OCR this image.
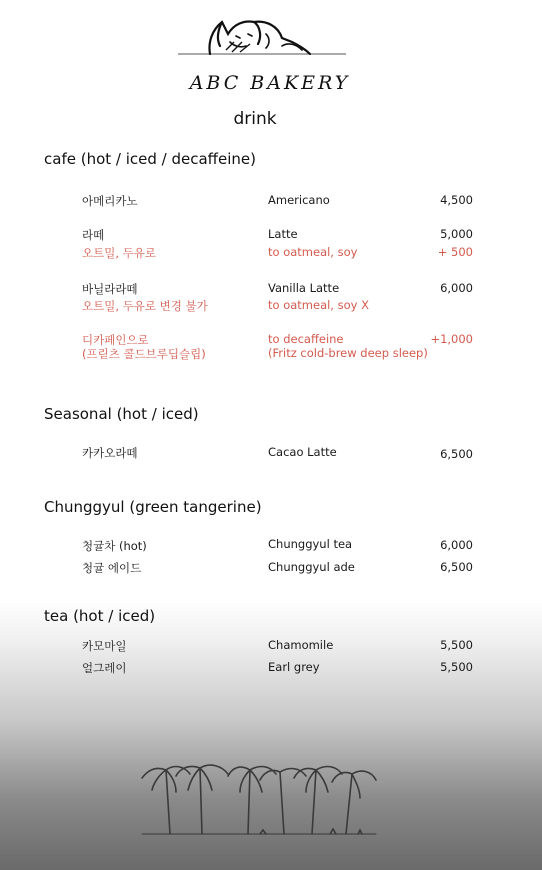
ABC BAKERY
drink
cafe (hot / iced / decaffeine)
아메리카노	Americano	4,500
라떼	Latte	5,000
오트밀, 두유로	to oatmeal, soy	+ 500
바닐라라떼	Vanilla Latte	6,000
오트밀, 두유로 변경 불가	to oatmeal, soy X
디카페인으로	to decaffeine	+1,000
(프릳츠 콜드브루딥슬립)	(Fritz cold-brew deep sleep)
Seasonal (hot / iced)
카카오라떼	Cacao Latte	6,500
Chunggyul (green tangerine)
청귤차 (hot)	Chunggyul tea	6,000
청귤 에이드	Chunggyul ade	6,500
tea (hot / iced)
카모마일	Chamomile	5,500
얼그레이	Earl grey	5,500
